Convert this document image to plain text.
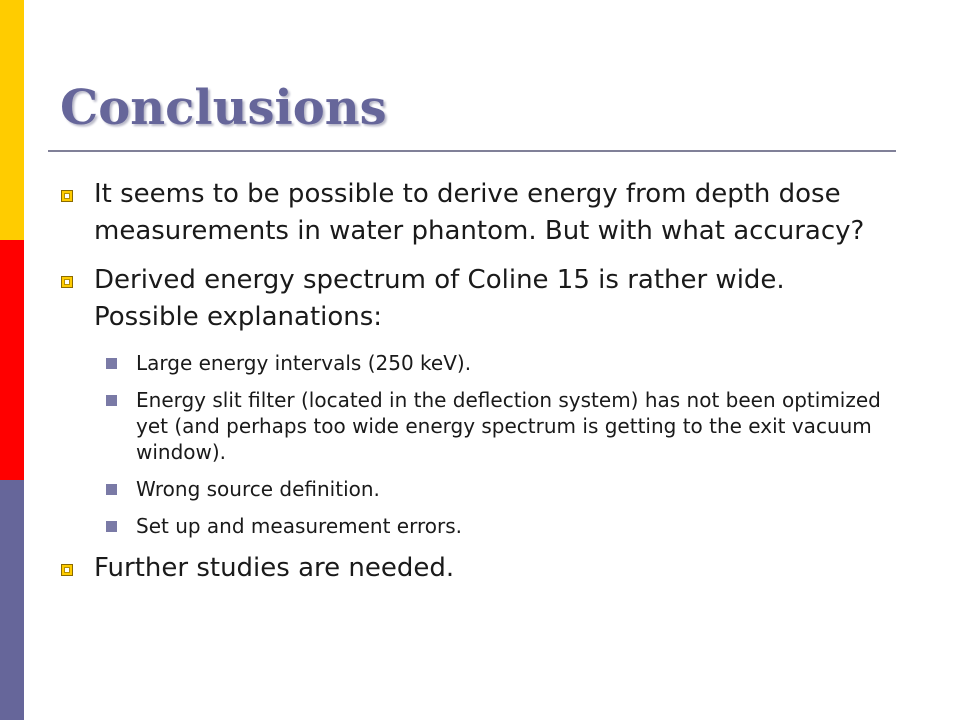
Conclusions
It seems to be possible to derive energy from depth dose measurements in water phantom. But with what accuracy?
Derived energy spectrum of Coline 15 is rather wide. Possible explanations:
Large energy intervals (250 keV).
Energy slit filter (located in the deflection system) has not been optimized yet (and perhaps too wide energy spectrum is getting to the exit vacuum window).
Wrong source definition.
Set up and measurement errors.
Further studies are needed.
